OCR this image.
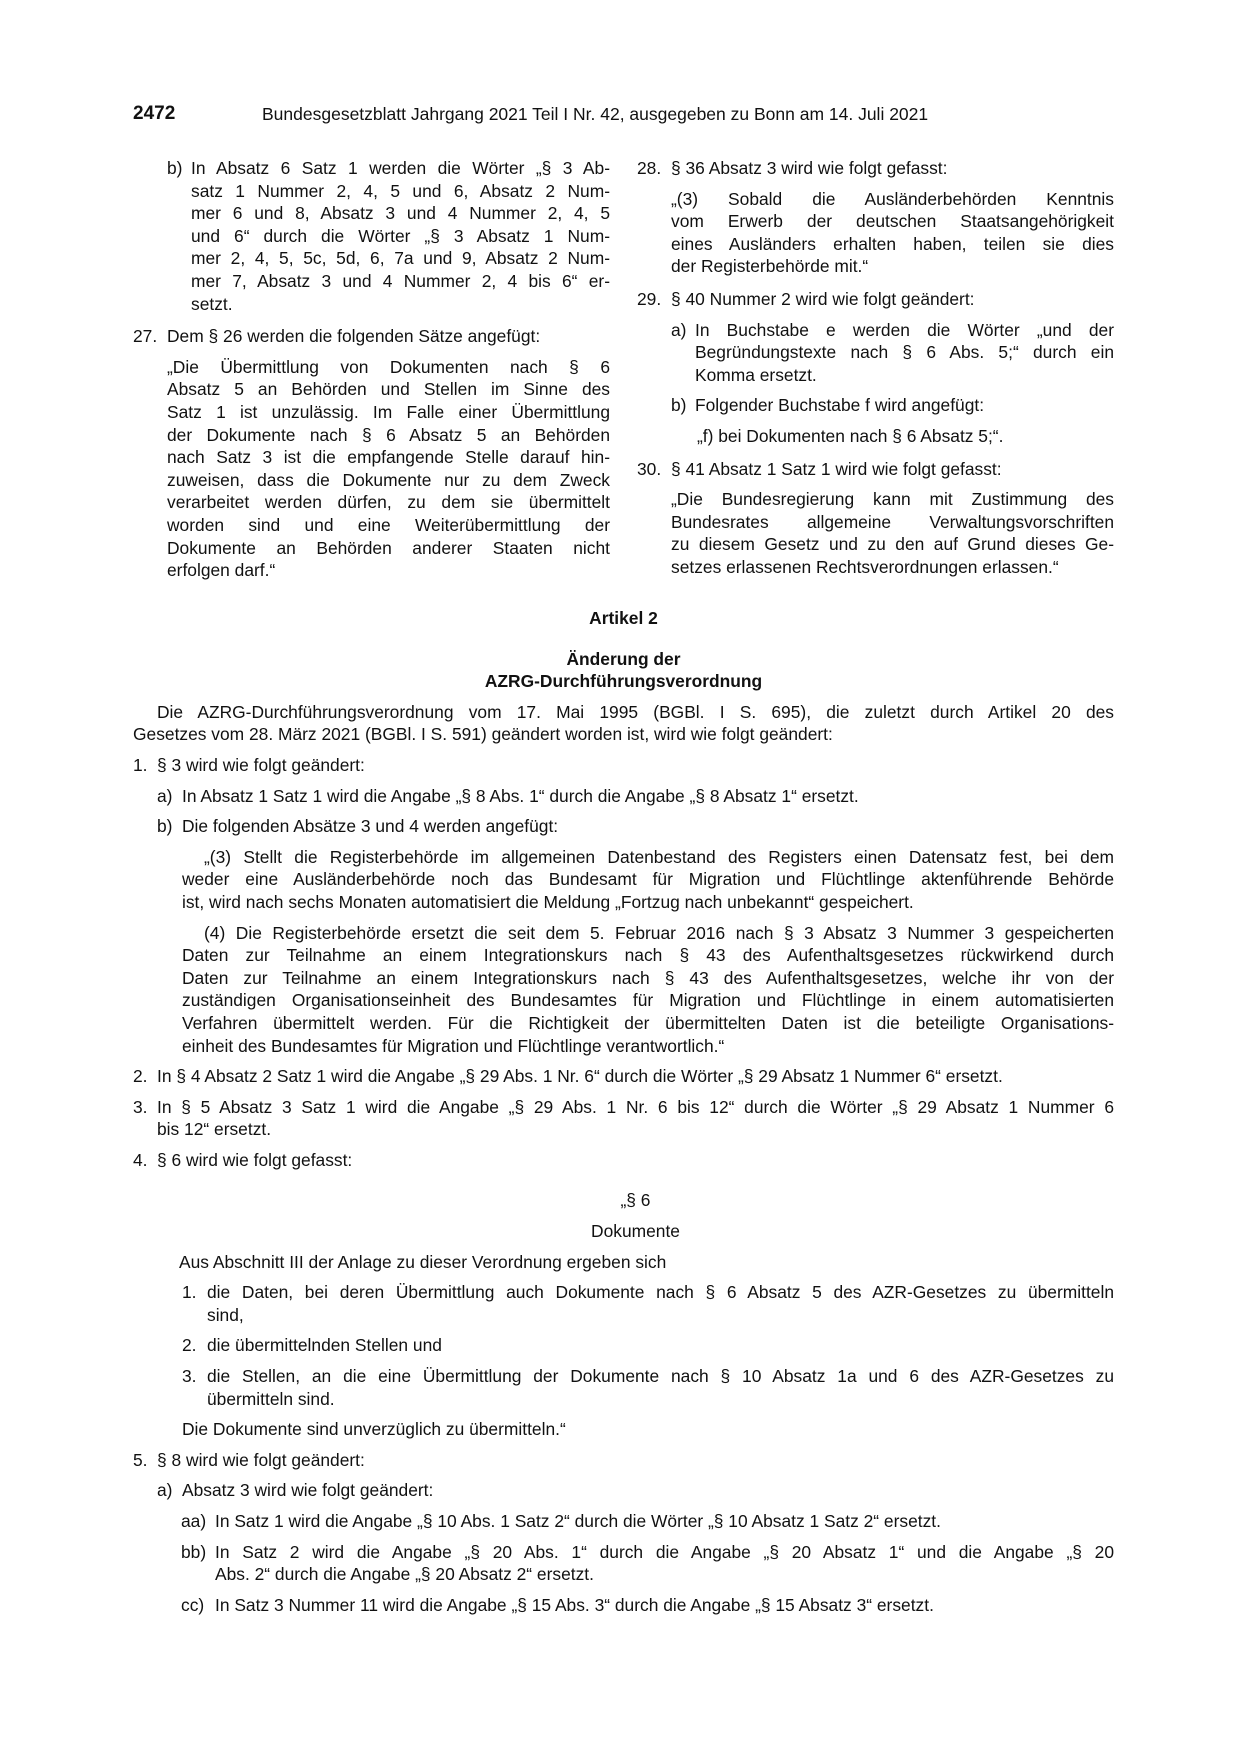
2472	Bundesgesetzblatt Jahrgang 2021 Teil I Nr. 42, ausgegeben zu Bonn am 14. Juli 2021
b) In Absatz 6 Satz 1 werden die Wörter „§ 3 Ab-
satz 1 Nummer 2, 4, 5 und 6, Absatz 2 Num-
mer 6 und 8, Absatz 3 und 4 Nummer 2, 4, 5
und 6“ durch die Wörter „§ 3 Absatz 1 Num-
mer 2, 4, 5, 5c, 5d, 6, 7a und 9, Absatz 2 Num-
mer 7, Absatz 3 und 4 Nummer 2, 4 bis 6“ er-
setzt.
27. Dem § 26 werden die folgenden Sätze angefügt:
„Die Übermittlung von Dokumenten nach § 6
Absatz 5 an Behörden und Stellen im Sinne des
Satz 1 ist unzulässig. Im Falle einer Übermittlung
der Dokumente nach § 6 Absatz 5 an Behörden
nach Satz 3 ist die empfangende Stelle darauf hin-
zuweisen, dass die Dokumente nur zu dem Zweck
verarbeitet werden dürfen, zu dem sie übermittelt
worden sind und eine Weiterübermittlung der
Dokumente an Behörden anderer Staaten nicht
erfolgen darf.“
28. § 36 Absatz 3 wird wie folgt gefasst:
„(3) Sobald die Ausländerbehörden Kenntnis
vom Erwerb der deutschen Staatsangehörigkeit
eines Ausländers erhalten haben, teilen sie dies
der Registerbehörde mit.“
29. § 40 Nummer 2 wird wie folgt geändert:
a) In Buchstabe e werden die Wörter „und der
Begründungstexte nach § 6 Abs. 5;“ durch ein
Komma ersetzt.
b) Folgender Buchstabe f wird angefügt:
„f) bei Dokumenten nach § 6 Absatz 5;“.
30. § 41 Absatz 1 Satz 1 wird wie folgt gefasst:
„Die Bundesregierung kann mit Zustimmung des
Bundesrates allgemeine Verwaltungsvorschriften
zu diesem Gesetz und zu den auf Grund dieses Ge-
setzes erlassenen Rechtsverordnungen erlassen.“
Artikel 2
Änderung der
AZRG-Durchführungsverordnung
Die AZRG-Durchführungsverordnung vom 17. Mai 1995 (BGBl. I S. 695), die zuletzt durch Artikel 20 des
Gesetzes vom 28. März 2021 (BGBl. I S. 591) geändert worden ist, wird wie folgt geändert:
1. § 3 wird wie folgt geändert:
a) In Absatz 1 Satz 1 wird die Angabe „§ 8 Abs. 1“ durch die Angabe „§ 8 Absatz 1“ ersetzt.
b) Die folgenden Absätze 3 und 4 werden angefügt:
„(3) Stellt die Registerbehörde im allgemeinen Datenbestand des Registers einen Datensatz fest, bei dem
weder eine Ausländerbehörde noch das Bundesamt für Migration und Flüchtlinge aktenführende Behörde
ist, wird nach sechs Monaten automatisiert die Meldung „Fortzug nach unbekannt“ gespeichert.
(4) Die Registerbehörde ersetzt die seit dem 5. Februar 2016 nach § 3 Absatz 3 Nummer 3 gespeicherten
Daten zur Teilnahme an einem Integrationskurs nach § 43 des Aufenthaltsgesetzes rückwirkend durch
Daten zur Teilnahme an einem Integrationskurs nach § 43 des Aufenthaltsgesetzes, welche ihr von der
zuständigen Organisationseinheit des Bundesamtes für Migration und Flüchtlinge in einem automatisierten
Verfahren übermittelt werden. Für die Richtigkeit der übermittelten Daten ist die beteiligte Organisations-
einheit des Bundesamtes für Migration und Flüchtlinge verantwortlich.“
2. In § 4 Absatz 2 Satz 1 wird die Angabe „§ 29 Abs. 1 Nr. 6“ durch die Wörter „§ 29 Absatz 1 Nummer 6“ ersetzt.
3. In § 5 Absatz 3 Satz 1 wird die Angabe „§ 29 Abs. 1 Nr. 6 bis 12“ durch die Wörter „§ 29 Absatz 1 Nummer 6
bis 12“ ersetzt.
4. § 6 wird wie folgt gefasst:
„§ 6
Dokumente
Aus Abschnitt III der Anlage zu dieser Verordnung ergeben sich
1. die Daten, bei deren Übermittlung auch Dokumente nach § 6 Absatz 5 des AZR-Gesetzes zu übermitteln
sind,
2. die übermittelnden Stellen und
3. die Stellen, an die eine Übermittlung der Dokumente nach § 10 Absatz 1a und 6 des AZR-Gesetzes zu
übermitteln sind.
Die Dokumente sind unverzüglich zu übermitteln.“
5. § 8 wird wie folgt geändert:
a) Absatz 3 wird wie folgt geändert:
aa) In Satz 1 wird die Angabe „§ 10 Abs. 1 Satz 2“ durch die Wörter „§ 10 Absatz 1 Satz 2“ ersetzt.
bb) In Satz 2 wird die Angabe „§ 20 Abs. 1“ durch die Angabe „§ 20 Absatz 1“ und die Angabe „§ 20
Abs. 2“ durch die Angabe „§ 20 Absatz 2“ ersetzt.
cc) In Satz 3 Nummer 11 wird die Angabe „§ 15 Abs. 3“ durch die Angabe „§ 15 Absatz 3“ ersetzt.
